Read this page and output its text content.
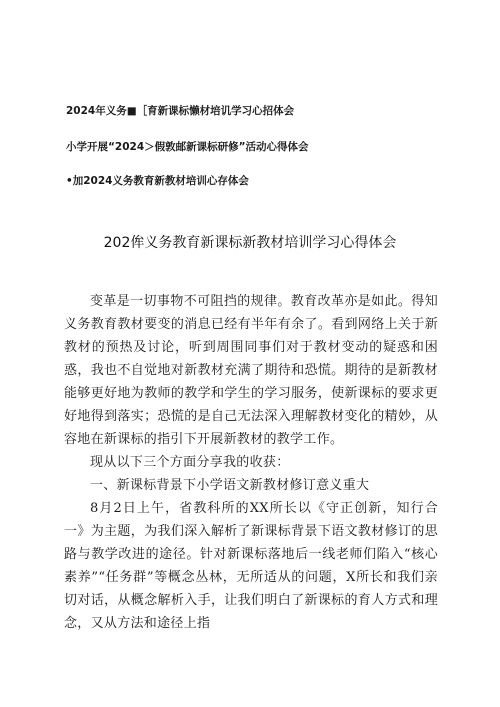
2024年义务■［育新课标懒材培讥学习心招体会
小学开展“2024＞假敦邮新课标研修”活动心得体会
•加2024义务教育新教材培训心存体会
202侔义务教育新课标新教材培训学习心得体会

变革是一切事物不可阻挡的规律。教育改革亦是如此。得知义务教育教材要变的消息已经有半年有余了。看到网络上关于新教材的预热及讨论，听到周围同事们对于教材变动的疑惑和困惑，我也不自觉地对新教材充满了期待和恐慌。期待的是新教材能够更好地为教师的教学和学生的学习服务，使新课标的要求更好地得到落实；恐慌的是自己无法深入理解教材变化的精妙，从容地在新课标的指引下开展新教材的教学工作。

现从以下三个方面分享我的收获：

一、新课标背景下小学语文新教材修订意义重大

8月2日上午，省教科所的XX所长以《守正创新，知行合一》为主题，为我们深入解析了新课标背景下语文教材修订的思路与教学改进的途径。针对新课标落地后一线老师们陷入“核心素养”“任务群”等概念丛林，无所适从的问题，X所长和我们亲切对话，从概念解析入手，让我们明白了新课标的育人方式和理念，又从方法和途径上指
